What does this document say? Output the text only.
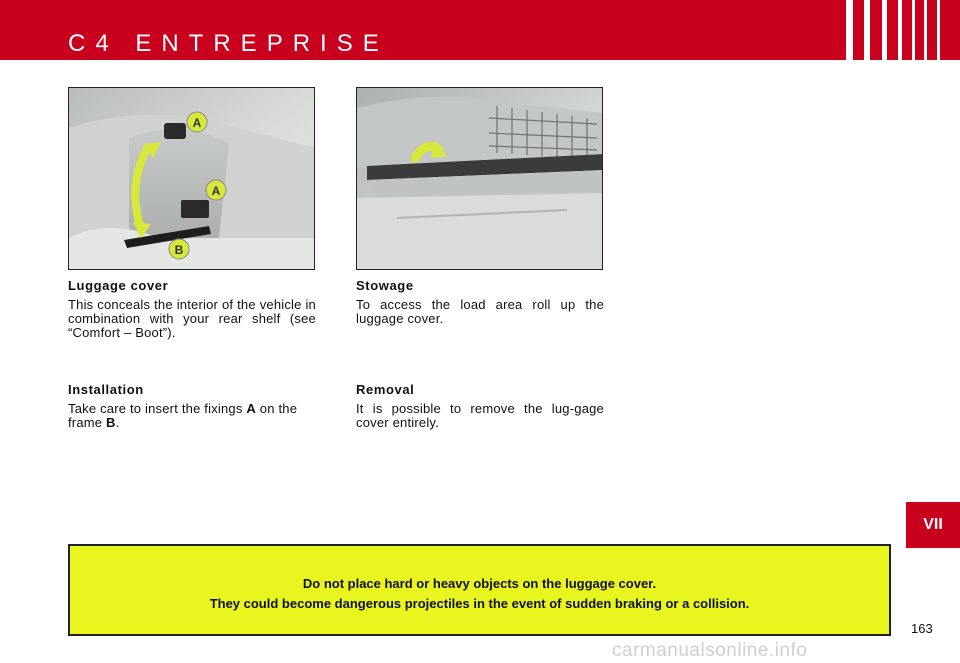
C4 ENTREPRISE
A
A
B
Luggage cover
This conceals the interior of the vehicle in combination with your rear shelf (see “Comfort – Boot”).
Stowage
To access the load area roll up the luggage cover.
Installation
Take care to insert the fixings A on the frame B.
Removal
It is possible to remove the lug-gage cover entirely.
VII

Do not place hard or heavy objects on the luggage cover.

They could become dangerous projectiles in the event of sudden braking or a collision.

163
carmanualsonline.info
